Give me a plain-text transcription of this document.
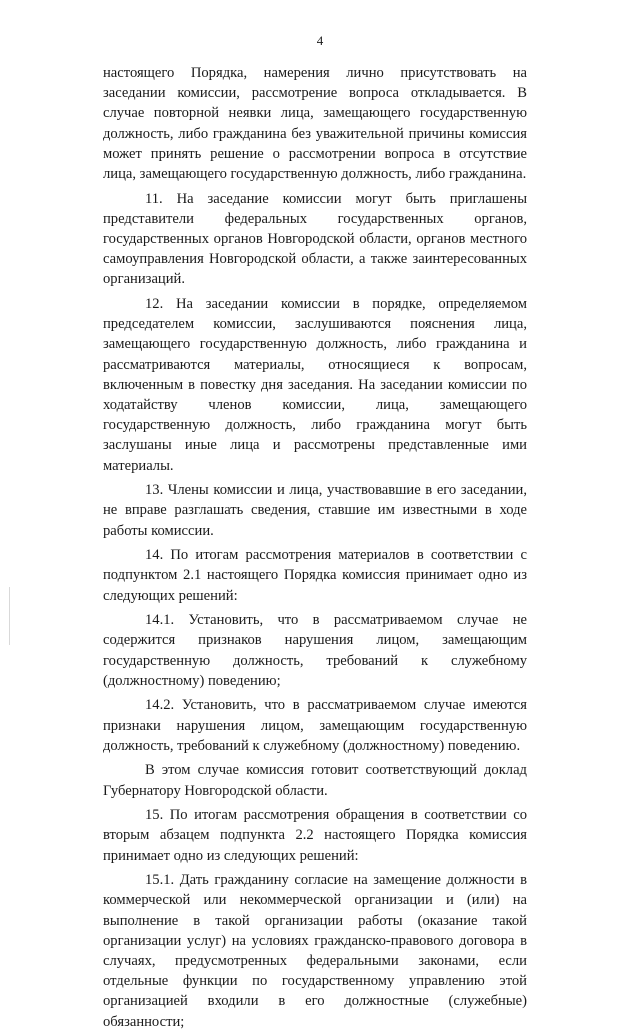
4

настоящего Порядка, намерения лично присутствовать на заседании комиссии, рассмотрение вопроса откладывается. В случае повторной неявки лица, замещающего государственную должность, либо гражданина без уважительной причины комиссия может принять решение о рассмотрении вопроса в отсутствие лица, замещающего государственную должность, либо гражданина.

11. На заседание комиссии могут быть приглашены представители федеральных государственных органов, государственных органов Новгородской области, органов местного самоуправления Новгородской области, а также заинтересованных организаций.

12. На заседании комиссии в порядке, определяемом председателем комиссии, заслушиваются пояснения лица, замещающего государственную должность, либо гражданина и рассматриваются материалы, относящиеся к вопросам, включенным в повестку дня заседания. На заседании комиссии по ходатайству членов комиссии, лица, замещающего государственную должность, либо гражданина могут быть заслушаны иные лица и рассмотрены представленные ими материалы.

13. Члены комиссии и лица, участвовавшие в его заседании, не вправе разглашать сведения, ставшие им известными в ходе работы комиссии.

14. По итогам рассмотрения материалов в соответствии с подпунктом 2.1 настоящего Порядка комиссия принимает одно из следующих решений:

14.1. Установить, что в рассматриваемом случае не содержится признаков нарушения лицом, замещающим государственную должность, требований к служебному (должностному) поведению;

14.2. Установить, что в рассматриваемом случае имеются признаки нарушения лицом, замещающим государственную должность, требований к служебному (должностному) поведению.

В этом случае комиссия готовит соответствующий доклад Губернатору Новгородской области.

15. По итогам рассмотрения обращения в соответствии со вторым абзацем подпункта 2.2 настоящего Порядка комиссия принимает одно из следующих решений:

15.1. Дать гражданину согласие на замещение должности в коммерческой или некоммерческой организации и (или) на выполнение в такой организации работы (оказание такой организации услуг) на условиях гражданско-правового договора в случаях, предусмотренных федеральными законами, если отдельные функции по государственному управлению этой организацией входили в его должностные (служебные) обязанности;
